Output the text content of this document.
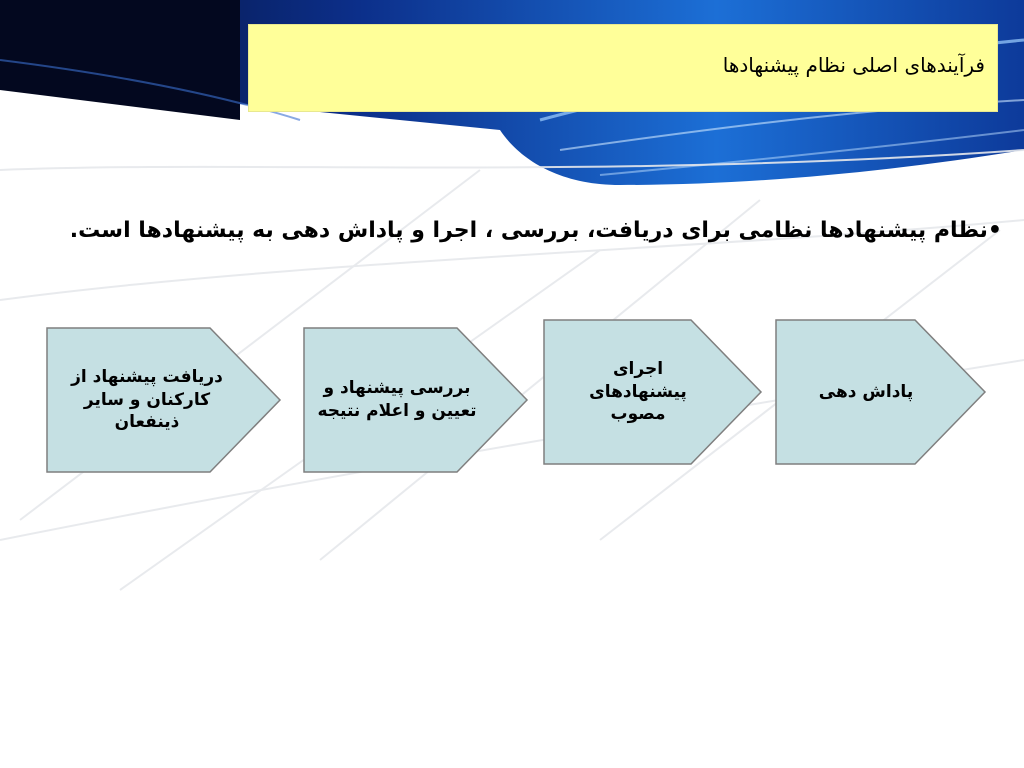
فرآیندهای اصلی نظام پیشنهادها
•نظام پیشنهادها نظامی برای دریافت، بررسی ، اجرا و پاداش دهی به پیشنهادها است.
دریافت پیشنهاد از کارکنان و سایر ذینفعان
بررسی پیشنهاد و تعیین و اعلام نتیجه
اجرای پیشنهادهای مصوب
پاداش دهی
